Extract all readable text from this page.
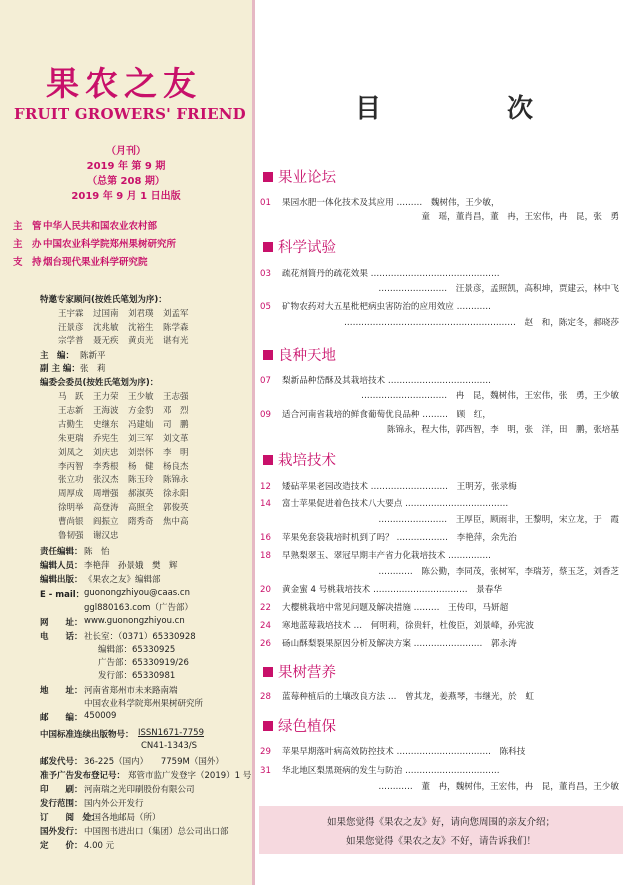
果农之友
FRUIT GROWERS' FRIEND
（月刊）
2019 年 第 9 期
（总第 208 期）
2019 年 9 月 1 日出版
主　管中华人民共和国农业农村部
主　办中国农业科学院郑州果树研究所
支　持烟台现代果业科学研究院
特邀专家顾问(按姓氏笔划为序)：
王宇霖 过国南 刘君璞 刘孟军
汪景彦 沈兆敏 沈裕生 陈学森
宗学普 聂无疾 黄贞光 谌有光
主　编： 陈新平
副 主 编： 张　莉
编委会委员(按姓氏笔划为序)：
马　跃 王力荣 王少敏 王志强
王志新 王海波 方金豹 邓　烈
古勤生 史继东 冯建灿 司　鹏
朱更瑞 乔宪生 刘三军 刘文革
刘凤之 刘庆忠 刘崇怀 李　明
李丙智 李秀根 杨　健 杨良杰
张立功 张汉杰 陈玉玲 陈锦永
周厚成 周增强 郝淑英 徐永阳
徐明举 高登涛 高照全 郭俊英
曹尚银 阎振立 隋秀奇 焦中高
鲁韧强 谢汉忠
责任编辑： 陈　怡
编辑人员： 李艳萍　孙景娥　樊　辉
编辑出版： 《果农之友》编辑部
E - mail： guonongzhiyou@caas.cn
ggl880163.com（广告部）
网　　址： www.guonongzhiyou.cn
电　　话： 社长室：（0371）65330928
编辑部：65330925
广告部：65330919/26
发行部：65330981
地　　址： 河南省郑州市未来路南端
中国农业科学院郑州果树研究所
邮　　编： 450009
中国标准连续出版物号： ISSN1671-7759
CN41-1343/S
邮发代号： 36-225（国内）　　7759M（国外）
准予广告发布登记号： 郑管市监广发登字（2019）1 号
印　　刷： 河南瑞之光印刷股份有限公司
发行范围： 国内外公开发行
订　　阅　处：
全国各地邮局（所）
国外发行： 中国图书进出口（集团）总公司出口部
定　　价： 4.00 元
目　次
果业论坛
01 果园水肥一体化技术及其应用 ………　魏树伟，王少敏，
童　瑶，董肖昌，董　冉，王宏伟，冉　昆，张　勇
科学试验
03 疏花剂简丹的疏花效果 ………………………………………
……………………　汪景彦，孟照凯，高积坤，贾建云，林中飞
05 矿物农药对大五星枇杷病虫害防治的应用效应 …………
……………………………………………………　赵　和，陈定冬，郝晓莎
良种天地
07 梨新品种岱酥及其栽培技术 ………………………………
…………………………　冉　昆，魏树伟，王宏伟，张　勇，王少敏
09 适合河南省栽培的鲜食葡萄优良品种 ………　顾　红，
陈锦永，程大伟，郭西智，李　明，张　洋，田　鹏，张培基
栽培技术
12 矮砧苹果老园改造技术 ………………………　王明芳，张录梅
14 富士苹果促进着色技术八大要点 ………………………………
……………………　王厚臣，顾雨非，王黎明，宋立龙，于　霞
16 苹果免套袋栽培时机到了吗？ ………………　李艳萍，余先治
18 早熟梨翠玉、翠冠早期丰产省力化栽培技术 ……………
…………　陈公勤，李同茂，张树军，李瑞芳，蔡玉芝，刘香芝
20 黄金蜜 4 号桃栽培技术 ……………………………　景春华
22 大樱桃栽培中常见问题及解决措施 ………　王传印，马妍超
24 寒地蓝莓栽培技术 …　何明莉，徐贵轩，杜俊臣，刘景峰，孙宪波
26 砀山酥梨裂果原因分析及解决方案 ……………………　郭永涛
果树营养
28 蓝莓种植后的土壤改良方法 …　曾其龙，姜燕琴，韦继光，於　虹
绿色植保
29 苹果早期落叶病高效防控技术 ……………………………　陈科技
31 华北地区梨黑斑病的发生与防治 ……………………………
…………　董　冉，魏树伟，王宏伟，冉　昆，董肖昌，王少敏
如果您觉得《果农之友》好，请向您周围的亲友介绍；
如果您觉得《果农之友》不好，请告诉我们！
